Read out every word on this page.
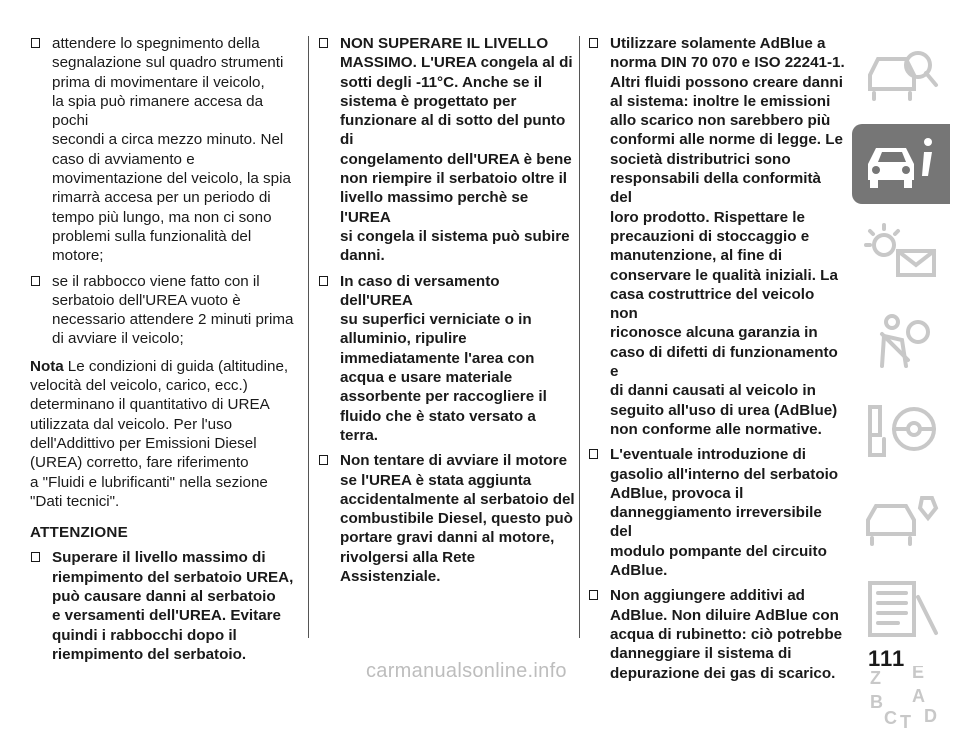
attendere lo spegnimento della
segnalazione sul quadro strumenti
prima di movimentare il veicolo,
la spia può rimanere accesa da pochi
secondi a circa mezzo minuto. Nel
caso di avviamento e
movimentazione del veicolo, la spia
rimarrà accesa per un periodo di
tempo più lungo, ma non ci sono
problemi sulla funzionalità del motore;
se il rabbocco viene fatto con il
serbatoio dell'UREA vuoto è
necessario attendere 2 minuti prima
di avviare il veicolo;

Nota Le condizioni di guida (altitudine,
velocità del veicolo, carico, ecc.)
determinano il quantitativo di UREA
utilizzata dal veicolo. Per l'uso
dell'Addittivo per Emissioni Diesel
(UREA) corretto, fare riferimento
a "Fluidi e lubrificanti" nella sezione
"Dati tecnici".

ATTENZIONE
Superare il livello massimo di
riempimento del serbatoio UREA,
può causare danni al serbatoio
e versamenti dell'UREA. Evitare
quindi i rabbocchi dopo il
riempimento del serbatoio.
NON SUPERARE IL LIVELLO
MASSIMO. L'UREA congela al di
sotti degli -11°C. Anche se il
sistema è progettato per
funzionare al di sotto del punto di
congelamento dell'UREA è bene
non riempire il serbatoio oltre il
livello massimo perchè se l'UREA
si congela il sistema può subire
danni.
In caso di versamento dell'UREA
su superfici verniciate o in
alluminio, ripulire
immediatamente l'area con
acqua e usare materiale
assorbente per raccogliere il
fluido che è stato versato a terra.
Non tentare di avviare il motore
se l'UREA è stata aggiunta
accidentalmente al serbatoio del
combustibile Diesel, questo può
portare gravi danni al motore,
rivolgersi alla Rete Assistenziale.
Utilizzare solamente AdBlue a
norma DIN 70 070 e ISO 22241-1.
Altri fluidi possono creare danni
al sistema: inoltre le emissioni
allo scarico non sarebbero più
conformi alle norme di legge. Le
società distributrici sono
responsabili della conformità del
loro prodotto. Rispettare le
precauzioni di stoccaggio e
manutenzione, al fine di
conservare le qualità iniziali. La
casa costruttrice del veicolo non
riconosce alcuna garanzia in
caso di difetti di funzionamento e
di danni causati al veicolo in
seguito all'uso di urea (AdBlue)
non conforme alle normative.
L'eventuale introduzione di
gasolio all'interno del serbatoio
AdBlue, provoca il
danneggiamento irreversibile del
modulo pompante del circuito
AdBlue.
Non aggiungere additivi ad
AdBlue. Non diluire AdBlue con
acqua di rubinetto: ciò potrebbe
danneggiare il sistema di
depurazione dei gas di scarico.	Z E
B A
C T D
111
carmanualsonline.info
